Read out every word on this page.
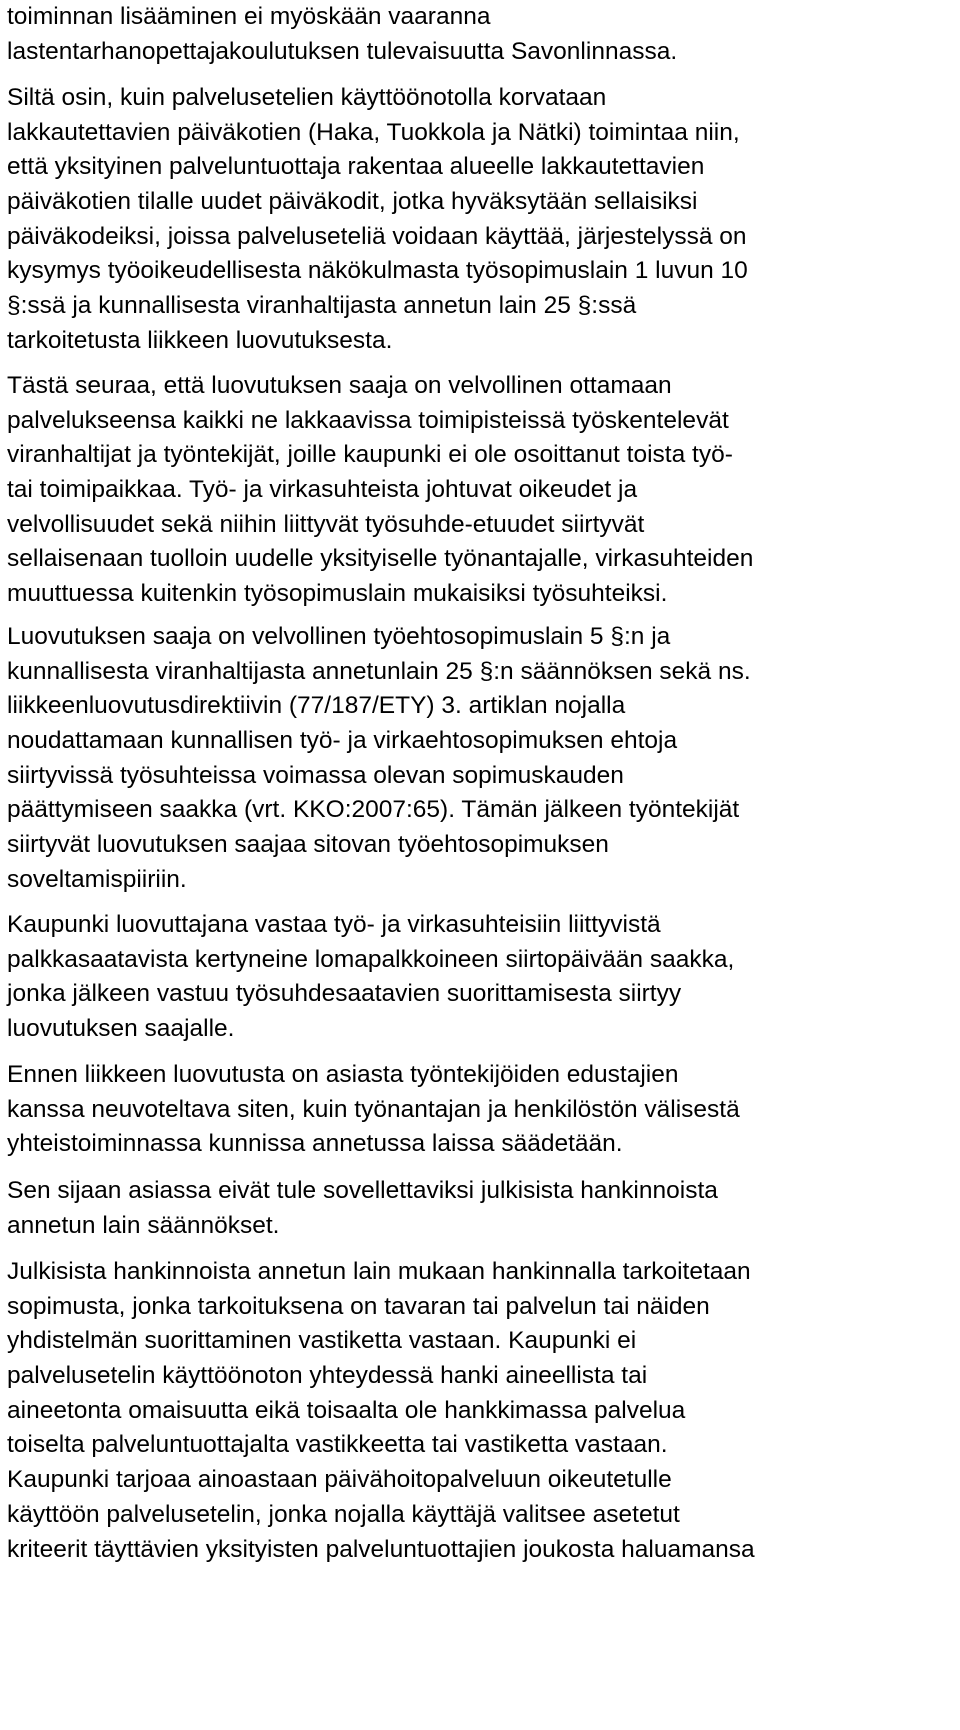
toiminnan lisääminen ei myöskään vaaranna
lastentarhanopettajakoulutuksen tulevaisuutta Savonlinnassa.
Siltä osin, kuin palvelusetelien käyttöönotolla korvataan
lakkautettavien päiväkotien (Haka, Tuokkola ja Nätki) toimintaa niin,
että yksityinen palveluntuottaja rakentaa alueelle lakkautettavien
päiväkotien tilalle uudet päiväkodit, jotka hyväksytään sellaisiksi
päiväkodeiksi, joissa palveluseteliä voidaan käyttää, järjestelyssä on
kysymys työoikeudellisesta näkökulmasta työsopimuslain 1 luvun 10
§:ssä ja kunnallisesta viranhaltijasta annetun lain 25 §:ssä
tarkoitetusta liikkeen luovutuksesta.
Tästä seuraa, että luovutuksen saaja on velvollinen ottamaan
palvelukseensa kaikki ne lakkaavissa toimipisteissä työskentelevät
viranhaltijat ja työntekijät, joille kaupunki ei ole osoittanut toista työ-
tai toimipaikkaa. Työ- ja virkasuhteista johtuvat oikeudet ja
velvollisuudet sekä niihin liittyvät työsuhde-etuudet siirtyvät
sellaisenaan tuolloin uudelle yksityiselle työnantajalle, virkasuhteiden
muuttuessa kuitenkin työsopimuslain mukaisiksi työsuhteiksi.
Luovutuksen saaja on velvollinen työehtosopimuslain 5 §:n ja
kunnallisesta viranhaltijasta annetunlain 25 §:n säännöksen sekä ns.
liikkeenluovutusdirektiivin (77/187/ETY) 3. artiklan nojalla
noudattamaan kunnallisen työ- ja virkaehtosopimuksen ehtoja
siirtyvissä työsuhteissa voimassa olevan sopimuskauden
päättymiseen saakka (vrt. KKO:2007:65). Tämän jälkeen työntekijät
siirtyvät luovutuksen saajaa sitovan työehtosopimuksen
soveltamispiiriin.
Kaupunki luovuttajana vastaa työ- ja virkasuhteisiin liittyvistä
palkkasaatavista kertyneine lomapalkkoineen siirtopäivään saakka,
jonka jälkeen vastuu työsuhdesaatavien suorittamisesta siirtyy
luovutuksen saajalle.
Ennen liikkeen luovutusta on asiasta työntekijöiden edustajien
kanssa neuvoteltava siten, kuin työnantajan ja henkilöstön välisestä
yhteistoiminnassa kunnissa annetussa laissa säädetään.
Sen sijaan asiassa eivät tule sovellettaviksi julkisista hankinnoista
annetun lain säännökset.
Julkisista hankinnoista annetun lain mukaan hankinnalla tarkoitetaan
sopimusta, jonka tarkoituksena on tavaran tai palvelun tai näiden
yhdistelmän suorittaminen vastiketta vastaan. Kaupunki ei
palvelusetelin käyttöönoton yhteydessä hanki aineellista tai
aineetonta omaisuutta eikä toisaalta ole hankkimassa palvelua
toiselta palveluntuottajalta vastikkeetta tai vastiketta vastaan.
Kaupunki tarjoaa ainoastaan päivähoitopalveluun oikeutetulle
käyttöön palvelusetelin, jonka nojalla käyttäjä valitsee asetetut
kriteerit täyttävien yksityisten palveluntuottajien joukosta haluamansa
